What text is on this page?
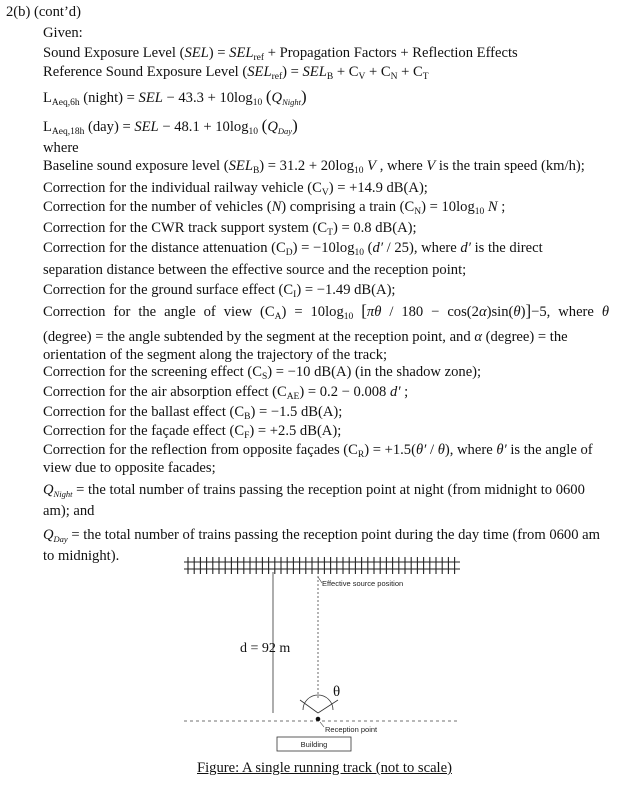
2(b) (cont’d)
Given:
Sound Exposure Level $(SEL) = SEL_{ref}$ + Propagation Factors + Reflection Effects
Reference Sound Exposure Level $(SEL_{ref}) = SEL_B + C_V + C_N + C_T$
$L_{Aeq,6h}$ (night) = SEL − $43.3 + 10\log_{10}$ $(Q_{Night})$
$L_{Aeq,18h}$ (day) = SEL − $48.1 + 10\log_{10}$ $(Q_{Day})$
where
Baseline sound exposure level $(SEL_B) = 31.2 + 20\log_{10}$ V , where V is the train speed (km/h);
Correction for the individual railway vehicle $(C_V) = +14.9$ dB(A);
Correction for the number of vehicles (N) comprising a train $(C_N) = 10\log_{10}$ N ;
Correction for the CWR track support system $(C_T) = 0.8$ dB(A);
Correction for the distance attenuation $(C_D) = -10\log_{10}$ (d′ / 25), where d′ is the direct
separation distance between the effective source and the reception point;
Correction for the ground surface effect $(C_I) = -1.49$ dB(A);
Correction for the angle of view $(C_A) = 10\log_{10}$ [πθ / 180 − cos(2α)sin(θ)]−5, where θ
(degree) = the angle subtended by the segment at the reception point, and α (degree) = the orientation of the segment along the trajectory of the track;
Correction for the screening effect $(C_S) = -10$ dB(A) (in the shadow zone);
Correction for the air absorption effect $(C_{AE}) = 0.2 - 0.008$ d′ ;
Correction for the ballast effect $(C_B) = -1.5$ dB(A);
Correction for the façade effect $(C_F) = +2.5$ dB(A);
Correction for the reflection from opposite façades $(C_R) = +1.5(\theta' / \theta)$, where θ′ is the angle of view due to opposite facades;
$Q_{Night}$ = the total number of trains passing the reception point at night (from midnight to 0600 am); and
$Q_{Day}$ = the total number of trains passing the reception point during the day time (from 0600 am to midnight).
Effective source position
d = 92 m
θ
Reception point
Building
Figure: A single running track (not to scale)
